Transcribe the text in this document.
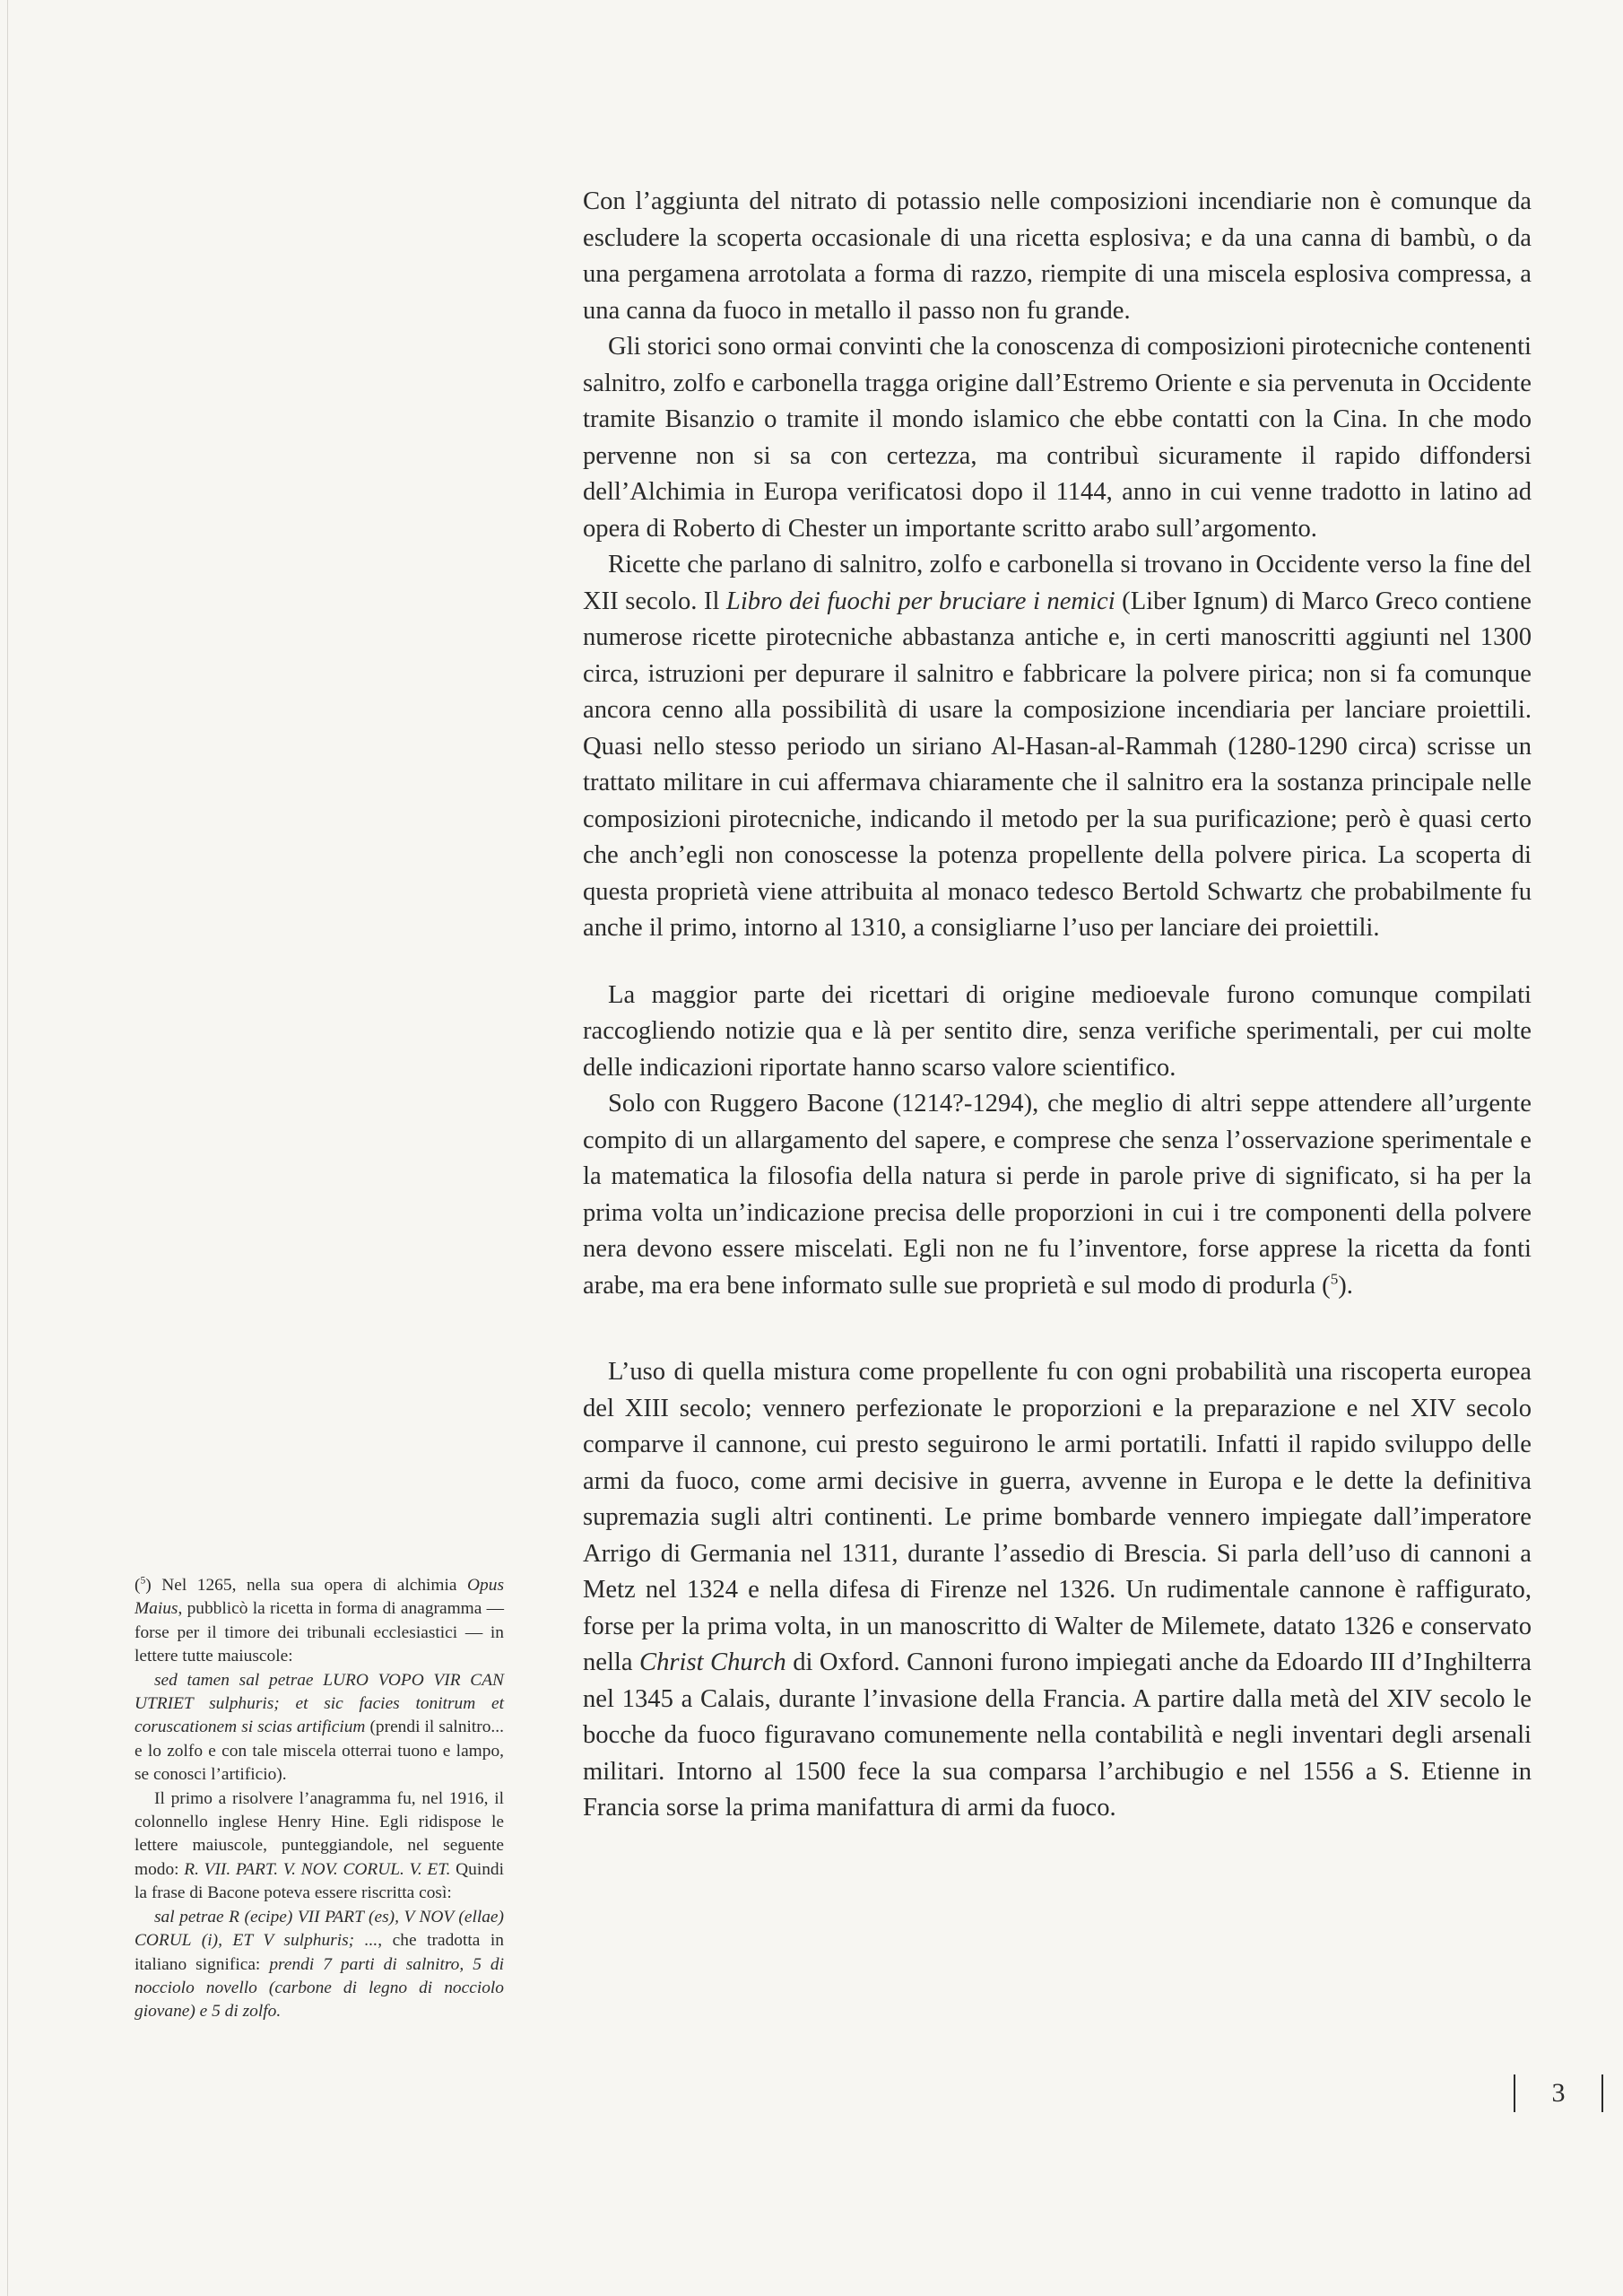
Con l’aggiunta del nitrato di potassio nelle composizioni incendiarie non è comunque da escludere la scoperta occasionale di una ricetta esplosiva; e da una canna di bambù, o da una pergamena arrotolata a forma di razzo, riempite di una miscela esplosiva compressa, a una canna da fuoco in metallo il passo non fu grande.

Gli storici sono ormai convinti che la conoscenza di composizioni pirotecniche contenenti salnitro, zolfo e carbonella tragga origine dall’Estremo Oriente e sia pervenuta in Occidente tramite Bisanzio o tramite il mondo islamico che ebbe contatti con la Cina. In che modo pervenne non si sa con certezza, ma contribuì sicuramente il rapido diffondersi dell’Alchimia in Europa verificatosi dopo il 1144, anno in cui venne tradotto in latino ad opera di Roberto di Chester un importante scritto arabo sull’argomento.

Ricette che parlano di salnitro, zolfo e carbonella si trovano in Occidente verso la fine del XII secolo. Il Libro dei fuochi per bruciare i nemici (Liber Ignum) di Marco Greco contiene numerose ricette pirotecniche abbastanza antiche e, in certi manoscritti aggiunti nel 1300 circa, istruzioni per depurare il salnitro e fabbricare la polvere pirica; non si fa comunque ancora cenno alla possibilità di usare la composizione incendiaria per lanciare proiettili. Quasi nello stesso periodo un siriano Al-Hasan-al-Rammah (1280-1290 circa) scrisse un trattato militare in cui affermava chiaramente che il salnitro era la sostanza principale nelle composizioni pirotecniche, indicando il metodo per la sua purificazione; però è quasi certo che anch’egli non conoscesse la potenza propellente della polvere pirica. La scoperta di questa proprietà viene attribuita al monaco tedesco Bertold Schwartz che probabilmente fu anche il primo, intorno al 1310, a consigliarne l’uso per lanciare dei proiettili.

La maggior parte dei ricettari di origine medioevale furono comunque compilati raccogliendo notizie qua e là per sentito dire, senza verifiche sperimentali, per cui molte delle indicazioni riportate hanno scarso valore scientifico.

Solo con Ruggero Bacone (1214?-1294), che meglio di altri seppe attendere all’urgente compito di un allargamento del sapere, e comprese che senza l’osservazione sperimentale e la matematica la filosofia della natura si perde in parole prive di significato, si ha per la prima volta un’indicazione precisa delle proporzioni in cui i tre componenti della polvere nera devono essere miscelati. Egli non ne fu l’inventore, forse apprese la ricetta da fonti arabe, ma era bene informato sulle sue proprietà e sul modo di produrla ($^5$).

L’uso di quella mistura come propellente fu con ogni probabilità una riscoperta europea del XIII secolo; vennero perfezionate le proporzioni e la preparazione e nel XIV secolo comparve il cannone, cui presto seguirono le armi portatili. Infatti il rapido sviluppo delle armi da fuoco, come armi decisive in guerra, avvenne in Europa e le dette la definitiva supremazia sugli altri continenti. Le prime bombarde vennero impiegate dall’imperatore Arrigo di Germania nel 1311, durante l’assedio di Brescia. Si parla dell’uso di cannoni a Metz nel 1324 e nella difesa di Firenze nel 1326. Un rudimentale cannone è raffigurato, forse per la prima volta, in un manoscritto di Walter de Milemete, datato 1326 e conservato nella Christ Church di Oxford. Cannoni furono impiegati anche da Edoardo III d’Inghilterra nel 1345 a Calais, durante l’invasione della Francia. A partire dalla metà del XIV secolo le bocche da fuoco figuravano comunemente nella contabilità e negli inventari degli arsenali militari. Intorno al 1500 fece la sua comparsa l’archibugio e nel 1556 a S. Etienne in Francia sorse la prima manifattura di armi da fuoco.

($^5$) Nel 1265, nella sua opera di alchimia Opus Maius, pubblicò la ricetta in forma di anagramma — forse per il timore dei tribunali ecclesiastici — in lettere tutte maiuscole:

sed tamen sal petrae LURO VOPO VIR CAN UTRIET sulphuris; et sic facies tonitrum et coruscationem si scias artificium (prendi il salnitro... e lo zolfo e con tale miscela otterrai tuono e lampo, se conosci l’artificio).

Il primo a risolvere l’anagramma fu, nel 1916, il colonnello inglese Henry Hine. Egli ridispose le lettere maiuscole, punteggiandole, nel seguente modo: R. VII. PART. V. NOV. CORUL. V. ET. Quindi la frase di Bacone poteva essere riscritta così:

sal petrae R (ecipe) VII PART (es), V NOV (ellae) CORUL (i), ET V sulphuris; ..., che tradotta in italiano significa: prendi 7 parti di salnitro, 5 di nocciolo novello (carbone di legno di nocciolo giovane) e 5 di zolfo.

3
